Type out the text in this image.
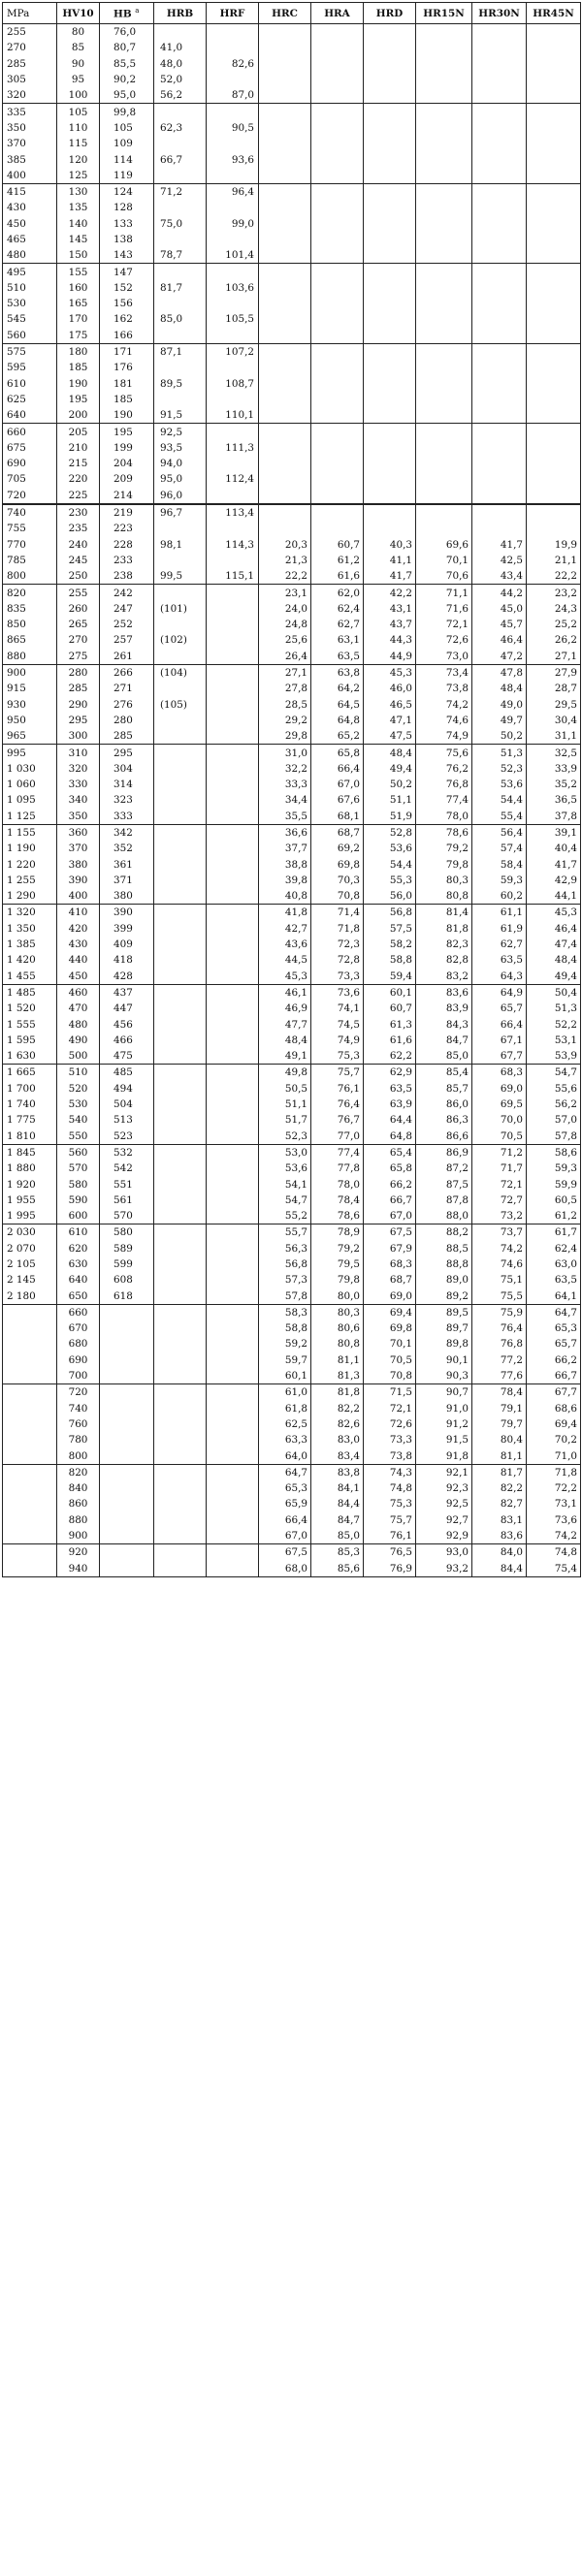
MPa	HV10	HB $^a$	HRB	HRF	HRC	HRA	HRD	HR15N	HR30N	HR45N
255	80	76,0								
270	85	80,7	41,0							
285	90	85,5	48,0	82,6						
305	95	90,2	52,0							
320	100	95,0	56,2	87,0						
335	105	99,8								
350	110	105	62,3	90,5						
370	115	109								
385	120	114	66,7	93,6						
400	125	119								
415	130	124	71,2	96,4						
430	135	128								
450	140	133	75,0	99,0						
465	145	138								
480	150	143	78,7	101,4						
495	155	147								
510	160	152	81,7	103,6						
530	165	156								
545	170	162	85,0	105,5						
560	175	166								
575	180	171	87,1	107,2						
595	185	176								
610	190	181	89,5	108,7						
625	195	185								
640	200	190	91,5	110,1						
660	205	195	92,5							
675	210	199	93,5	111,3						
690	215	204	94,0							
705	220	209	95,0	112,4						
720	225	214	96,0							
740	230	219	96,7	113,4						
755	235	223								
770	240	228	98,1	114,3	20,3	60,7	40,3	69,6	41,7	19,9
785	245	233			21,3	61,2	41,1	70,1	42,5	21,1
800	250	238	99,5	115,1	22,2	61,6	41,7	70,6	43,4	22,2
820	255	242			23,1	62,0	42,2	71,1	44,2	23,2
835	260	247	(101)		24,0	62,4	43,1	71,6	45,0	24,3
850	265	252			24,8	62,7	43,7	72,1	45,7	25,2
865	270	257	(102)		25,6	63,1	44,3	72,6	46,4	26,2
880	275	261			26,4	63,5	44,9	73,0	47,2	27,1
900	280	266	(104)		27,1	63,8	45,3	73,4	47,8	27,9
915	285	271			27,8	64,2	46,0	73,8	48,4	28,7
930	290	276	(105)		28,5	64,5	46,5	74,2	49,0	29,5
950	295	280			29,2	64,8	47,1	74,6	49,7	30,4
965	300	285			29,8	65,2	47,5	74,9	50,2	31,1
995	310	295			31,0	65,8	48,4	75,6	51,3	32,5
1 030	320	304			32,2	66,4	49,4	76,2	52,3	33,9
1 060	330	314			33,3	67,0	50,2	76,8	53,6	35,2
1 095	340	323			34,4	67,6	51,1	77,4	54,4	36,5
1 125	350	333			35,5	68,1	51,9	78,0	55,4	37,8
1 155	360	342			36,6	68,7	52,8	78,6	56,4	39,1
1 190	370	352			37,7	69,2	53,6	79,2	57,4	40,4
1 220	380	361			38,8	69,8	54,4	79,8	58,4	41,7
1 255	390	371			39,8	70,3	55,3	80,3	59,3	42,9
1 290	400	380			40,8	70,8	56,0	80,8	60,2	44,1
1 320	410	390			41,8	71,4	56,8	81,4	61,1	45,3
1 350	420	399			42,7	71,8	57,5	81,8	61,9	46,4
1 385	430	409			43,6	72,3	58,2	82,3	62,7	47,4
1 420	440	418			44,5	72,8	58,8	82,8	63,5	48,4
1 455	450	428			45,3	73,3	59,4	83,2	64,3	49,4
1 485	460	437			46,1	73,6	60,1	83,6	64,9	50,4
1 520	470	447			46,9	74,1	60,7	83,9	65,7	51,3
1 555	480	456			47,7	74,5	61,3	84,3	66,4	52,2
1 595	490	466			48,4	74,9	61,6	84,7	67,1	53,1
1 630	500	475			49,1	75,3	62,2	85,0	67,7	53,9
1 665	510	485			49,8	75,7	62,9	85,4	68,3	54,7
1 700	520	494			50,5	76,1	63,5	85,7	69,0	55,6
1 740	530	504			51,1	76,4	63,9	86,0	69,5	56,2
1 775	540	513			51,7	76,7	64,4	86,3	70,0	57,0
1 810	550	523			52,3	77,0	64,8	86,6	70,5	57,8
1 845	560	532			53,0	77,4	65,4	86,9	71,2	58,6
1 880	570	542			53,6	77,8	65,8	87,2	71,7	59,3
1 920	580	551			54,1	78,0	66,2	87,5	72,1	59,9
1 955	590	561			54,7	78,4	66,7	87,8	72,7	60,5
1 995	600	570			55,2	78,6	67,0	88,0	73,2	61,2
2 030	610	580			55,7	78,9	67,5	88,2	73,7	61,7
2 070	620	589			56,3	79,2	67,9	88,5	74,2	62,4
2 105	630	599			56,8	79,5	68,3	88,8	74,6	63,0
2 145	640	608			57,3	79,8	68,7	89,0	75,1	63,5
2 180	650	618			57,8	80,0	69,0	89,2	75,5	64,1
	660				58,3	80,3	69,4	89,5	75,9	64,7
	670				58,8	80,6	69,8	89,7	76,4	65,3
	680				59,2	80,8	70,1	89,8	76,8	65,7
	690				59,7	81,1	70,5	90,1	77,2	66,2
	700				60,1	81,3	70,8	90,3	77,6	66,7
	720				61,0	81,8	71,5	90,7	78,4	67,7
	740				61,8	82,2	72,1	91,0	79,1	68,6
	760				62,5	82,6	72,6	91,2	79,7	69,4
	780				63,3	83,0	73,3	91,5	80,4	70,2
	800				64,0	83,4	73,8	91,8	81,1	71,0
	820				64,7	83,8	74,3	92,1	81,7	71,8
	840				65,3	84,1	74,8	92,3	82,2	72,2
	860				65,9	84,4	75,3	92,5	82,7	73,1
	880				66,4	84,7	75,7	92,7	83,1	73,6
	900				67,0	85,0	76,1	92,9	83,6	74,2
	920				67,5	85,3	76,5	93,0	84,0	74,8
	940				68,0	85,6	76,9	93,2	84,4	75,4
